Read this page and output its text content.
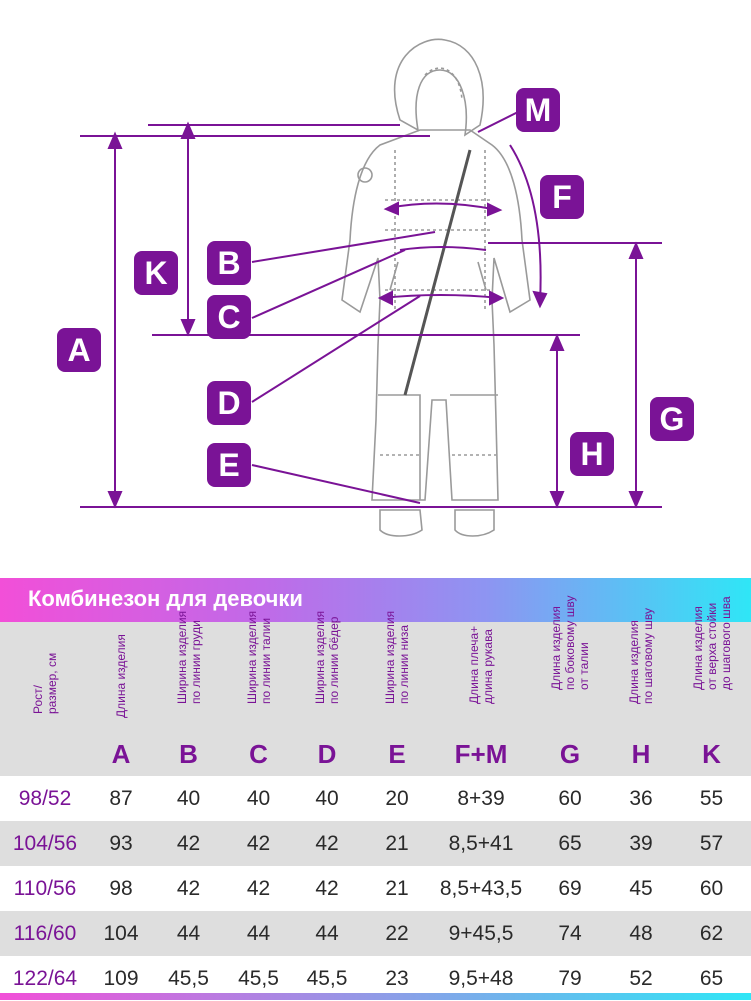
A
K	B
C
D
E
M
F
G
H
Комбинезон для девочки
Рост/ размер, см	Длина изделия
A
Ширина изделия по линии груди
B
Ширина изделия по линии талии
C
Ширина изделия по линии бёдер
D
Ширина изделия по линии низа
E
Длина плеча+ длина рукава
F+M
Длина изделия по боковому шву от талии
G
Длина изделия по шаговому шву
H
Длина изделия от верха стойки до шагового шва
K
98/52	87	40	40	40	20	8+39	60	36	55
104/56	93	42	42	42	21	8,5+41	65	39	57
110/56	98	42	42	42	21	8,5+43,5	69	45	60
116/60	104	44	44	44	22	9+45,5	74	48	62
122/64	109	45,5	45,5	45,5	23	9,5+48	79	52	65
